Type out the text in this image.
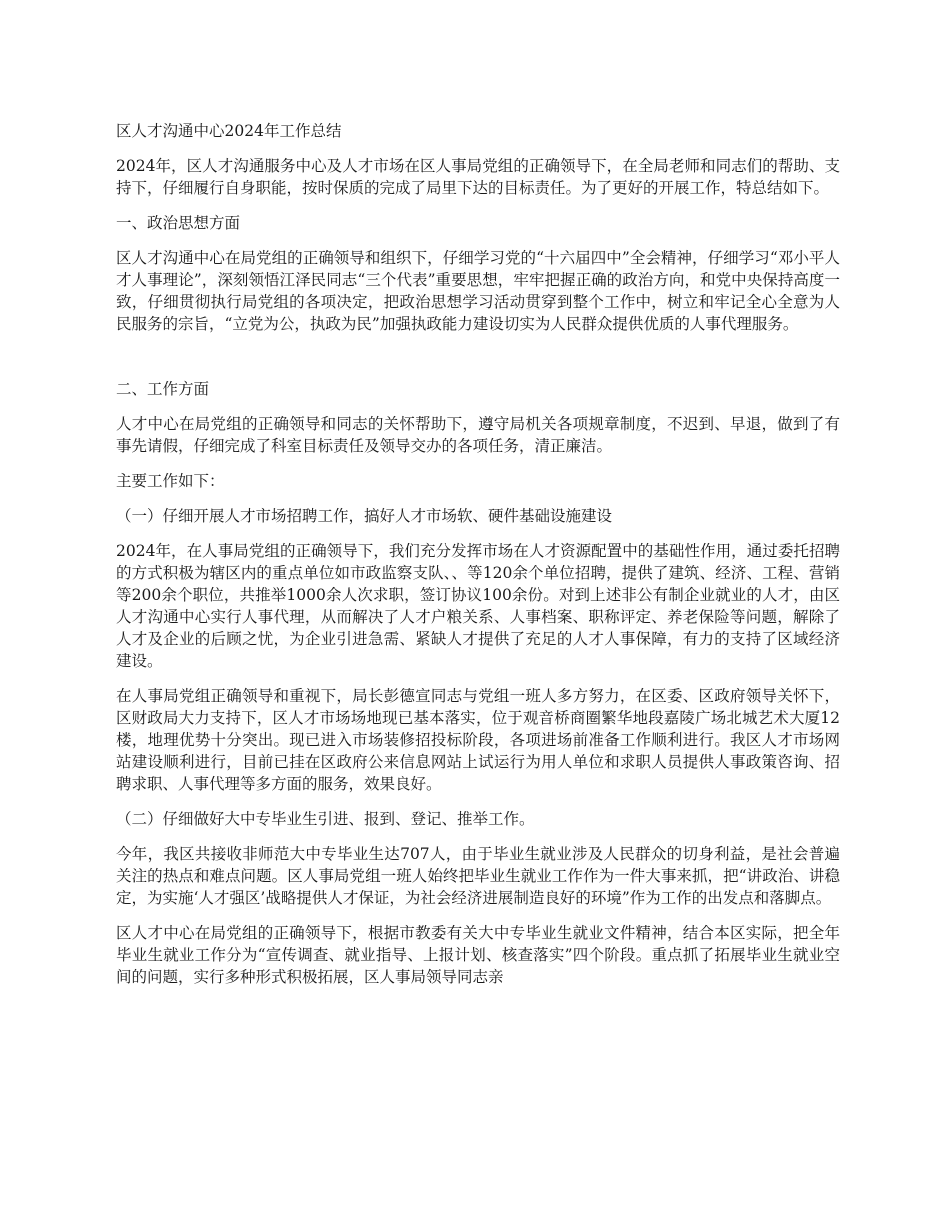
区人才沟通中心2024年工作总结
2024年，区人才沟通服务中心及人才市场在区人事局党组的正确领导下，在全局老师和同志们的帮助、支持下，仔细履行自身职能，按时保质的完成了局里下达的目标责任。为了更好的开展工作，特总结如下。
一、政治思想方面
区人才沟通中心在局党组的正确领导和组织下，仔细学习党的“十六届四中”全会精神，仔细学习“邓小平人才人事理论”，深刻领悟江泽民同志“三个代表”重要思想，牢牢把握正确的政治方向，和党中央保持高度一致，仔细贯彻执行局党组的各项决定，把政治思想学习活动贯穿到整个工作中，树立和牢记全心全意为人民服务的宗旨，“立党为公，执政为民”加强执政能力建设切实为人民群众提供优质的人事代理服务。
二、工作方面
人才中心在局党组的正确领导和同志的关怀帮助下，遵守局机关各项规章制度，不迟到、早退，做到了有事先请假，仔细完成了科室目标责任及领导交办的各项任务，清正廉洁。
主要工作如下：
（一）仔细开展人才市场招聘工作，搞好人才市场软、硬件基础设施建设
2024年，在人事局党组的正确领导下，我们充分发挥市场在人才资源配置中的基础性作用，通过委托招聘的方式积极为辖区内的重点单位如市政监察支队、、等120余个单位招聘，提供了建筑、经济、工程、营销等200余个职位，共推举1000余人次求职，签订协议100余份。对到上述非公有制企业就业的人才，由区人才沟通中心实行人事代理，从而解决了人才户粮关系、人事档案、职称评定、养老保险等问题，解除了人才及企业的后顾之忧，为企业引进急需、紧缺人才提供了充足的人才人事保障，有力的支持了区域经济建设。
在人事局党组正确领导和重视下，局长彭德宣同志与党组一班人多方努力，在区委、区政府领导关怀下，区财政局大力支持下，区人才市场场地现已基本落实，位于观音桥商圈繁华地段嘉陵广场北城艺术大厦12楼，地理优势十分突出。现已进入市场装修招投标阶段，各项进场前准备工作顺利进行。我区人才市场网站建设顺利进行，目前已挂在区政府公来信息网站上试运行为用人单位和求职人员提供人事政策咨询、招聘求职、人事代理等多方面的服务，效果良好。
（二）仔细做好大中专毕业生引进、报到、登记、推举工作。
今年，我区共接收非师范大中专毕业生达707人，由于毕业生就业涉及人民群众的切身利益，是社会普遍关注的热点和难点问题。区人事局党组一班人始终把毕业生就业工作作为一件大事来抓，把“讲政治、讲稳定，为实施‘人才强区’战略提供人才保证，为社会经济进展制造良好的环境”作为工作的出发点和落脚点。
区人才中心在局党组的正确领导下，根据市教委有关大中专毕业生就业文件精神，结合本区实际，把全年毕业生就业工作分为“宣传调查、就业指导、上报计划、核查落实”四个阶段。重点抓了拓展毕业生就业空间的问题，实行多种形式积极拓展，区人事局领导同志亲
